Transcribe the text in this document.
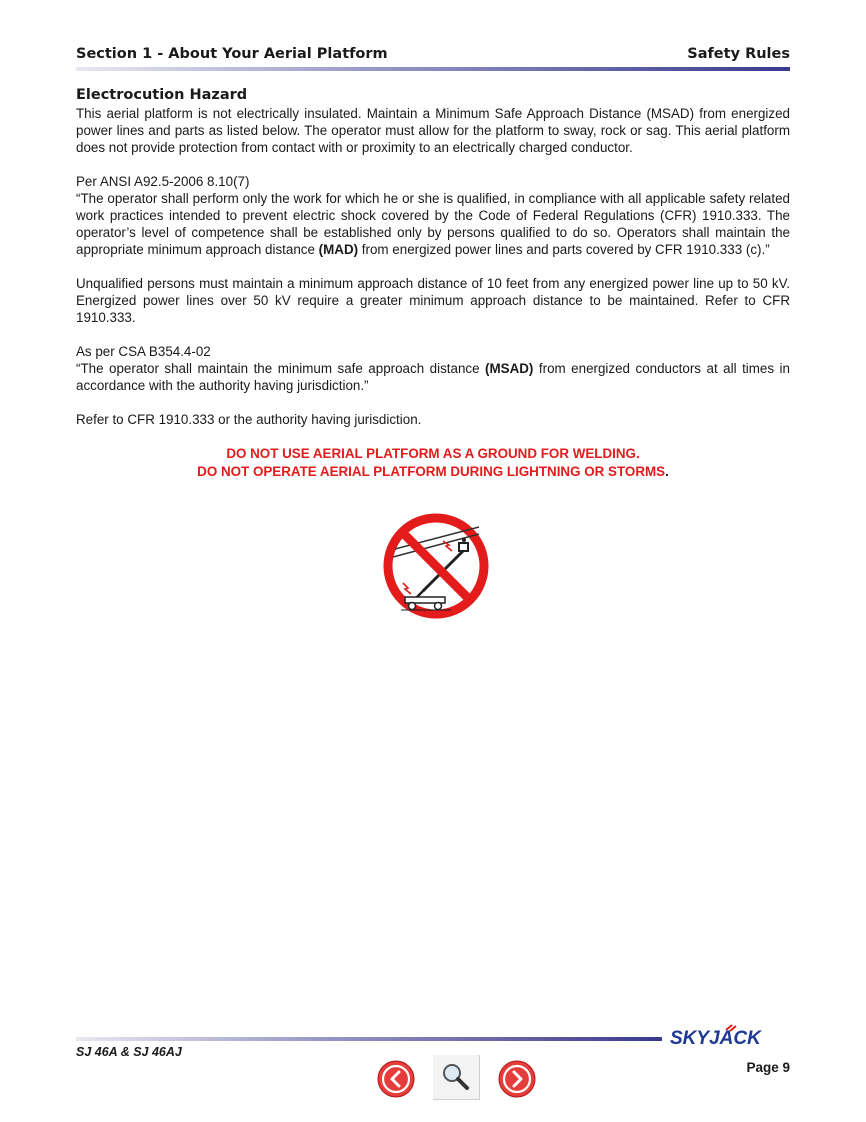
Section 1 - About Your Aerial Platform	Safety Rules
Electrocution Hazard

This aerial platform is not electrically insulated. Maintain a Minimum Safe Approach Distance (MSAD) from energized power lines and parts as listed below. The operator must allow for the platform to sway, rock or sag. This aerial platform does not provide protection from contact with or proximity to an electrically charged conductor.

Per ANSI A92.5-2006 8.10(7)

“The operator shall perform only the work for which he or she is qualified, in compliance with all applicable safety related work practices intended to prevent electric shock covered by the Code of Federal Regulations (CFR) 1910.333. The operator’s level of competence shall be established only by persons qualified to do so. Operators shall maintain the appropriate minimum approach distance (MAD) from energized power lines and parts covered by CFR 1910.333 (c).”

Unqualified persons must maintain a minimum approach distance of 10 feet from any energized power line up to 50 kV. Energized power lines over 50 kV require a greater minimum approach distance to be maintained. Refer to CFR 1910.333.

As per CSA B354.4-02

“The operator shall maintain the minimum safe approach distance (MSAD) from energized conductors at all times in accordance with the authority having jurisdiction.”

Refer to CFR 1910.333 or the authority having jurisdiction.

DO NOT USE AERIAL PLATFORM AS A GROUND FOR WELDING.
DO NOT OPERATE AERIAL PLATFORM DURING LIGHTNING OR STORMS.
SJ 46A & SJ 46AJ
SKYJACK
Page 9
